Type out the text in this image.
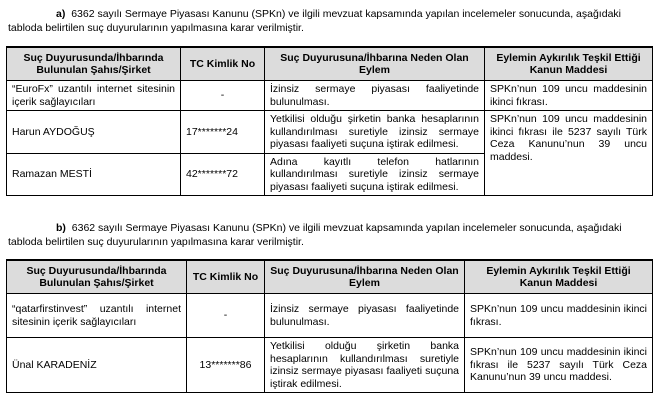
a) 6362 sayılı Sermaye Piyasası Kanunu (SPKn) ve ilgili mevzuat kapsamında yapılan incelemeler sonucunda, aşağıdaki
tabloda belirtilen suç duyurularının yapılmasına karar verilmiştir.
Suç Duyurusunda/İhbarında Bulunulan Şahıs/Şirket	TC Kimlik No	Suç Duyurusuna/İhbarına Neden Olan Eylem	Eylemin Aykırılık Teşkil Ettiği Kanun Maddesi
“EuroFx” uzantılı internet sitesinin içerik sağlayıcıları	-	İzinsiz sermaye piyasası faaliyetinde bulunulması.	SPKn’nun 109 uncu maddesinin ikinci fıkrası.
Harun AYDOĞUŞ	17*******24	Yetkilisi olduğu şirketin banka hesaplarının kullandırılması suretiyle izinsiz sermaye piyasası faaliyeti suçuna iştirak edilmesi.	SPKn’nun 109 uncu maddesinin ikinci fıkrası ile 5237 sayılı Türk Ceza Kanunu’nun 39 uncu maddesi.
Ramazan MESTİ	42*******72	Adına kayıtlı telefon hatlarının kullandırılması suretiyle izinsiz sermaye piyasası faaliyeti suçuna iştirak edilmesi.	
b) 6362 sayılı Sermaye Piyasası Kanunu (SPKn) ve ilgili mevzuat kapsamında yapılan incelemeler sonucunda, aşağıdaki
tabloda belirtilen suç duyurularının yapılmasına karar verilmiştir.
Suç Duyurusunda/İhbarında Bulunulan Şahıs/Şirket	TC Kimlik No	Suç Duyurusuna/İhbarına Neden Olan Eylem	Eylemin Aykırılık Teşkil Ettiği Kanun Maddesi
“qatarfirstinvest” uzantılı internet sitesinin içerik sağlayıcıları	-	İzinsiz sermaye piyasası faaliyetinde bulunulması.	SPKn’nun 109 uncu maddesinin ikinci fıkrası.
Ünal KARADENİZ	13*******86	Yetkilisi olduğu şirketin banka hesaplarının kullandırılması suretiyle izinsiz sermaye piyasası faaliyeti suçuna iştirak edilmesi.	SPKn’nun 109 uncu maddesinin ikinci fıkrası ile 5237 sayılı Türk Ceza Kanunu’nun 39 uncu maddesi.
